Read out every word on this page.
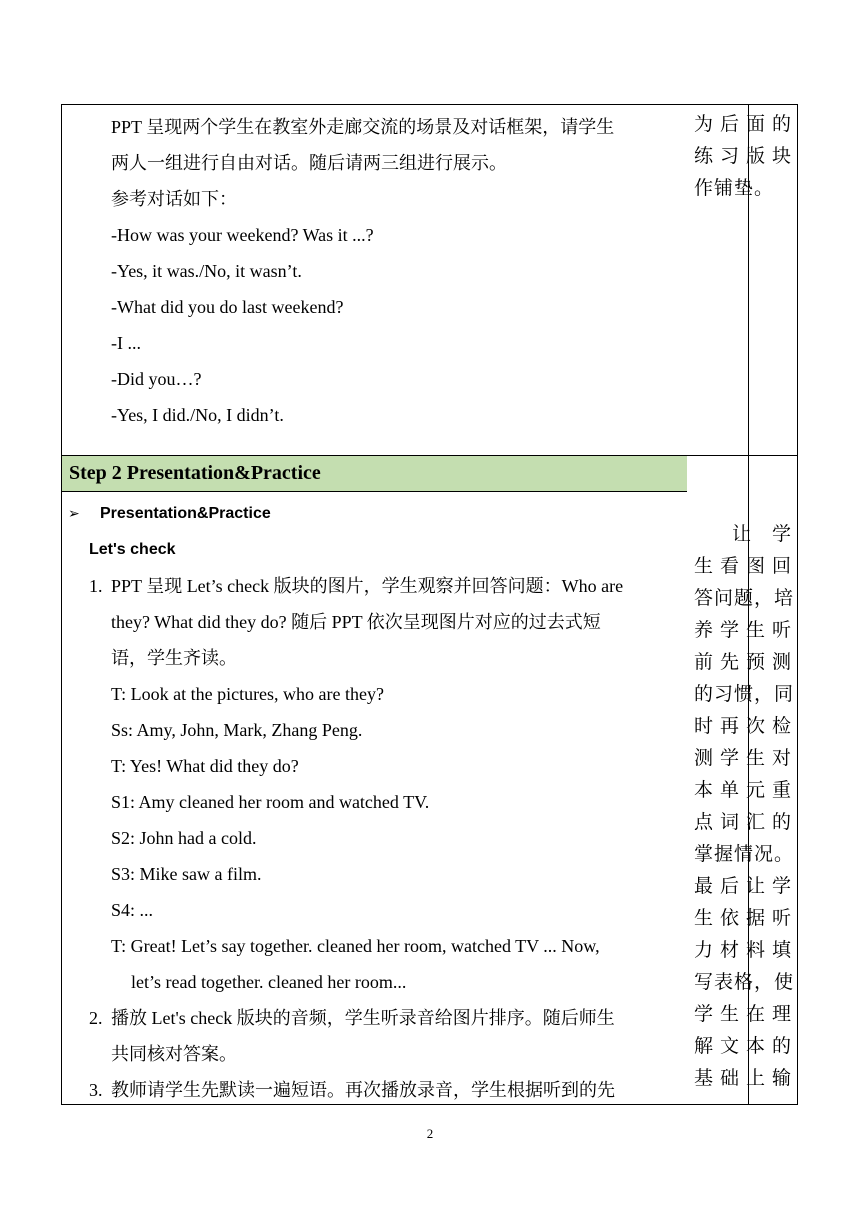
Step 2 Presentation&Practice
PPT 呈现两个学生在教室外走廊交流的场景及对话框架，请学生
两人一组进行自由对话。随后请两三组进行展示。
参考对话如下：
-How was your weekend? Was it ...?
-Yes, it was./No, it wasn’t.
-What did you do last weekend?
-I ...
-Did you…?
-Yes, I did./No, I didn’t.
为后面的
练习版块
作铺垫。
➢ Presentation&Practice
Let's check
1. PPT 呈现 Let’s check 版块的图片，学生观察并回答问题：Who are
they? What did they do? 随后 PPT 依次呈现图片对应的过去式短
语，学生齐读。
T: Look at the pictures, who are they?
Ss: Amy, John, Mark, Zhang Peng.
T: Yes! What did they do?
S1: Amy cleaned her room and watched TV.
S2: John had a cold.
S3: Mike saw a film.
S4: ...
T: Great! Let’s say together. cleaned her room, watched TV ... Now,
let’s read together. cleaned her room...
2. 播放 Let's check 版块的音频，学生听录音给图片排序。随后师生
共同核对答案。
3. 教师请学生先默读一遍短语。再次播放录音，学生根据听到的先
让学
生看图回
答问题，培
养学生听
前先预测
的习惯，同
时再次检
测学生对
本单元重
点词汇的
掌握情况。
最后让学
生依据听
力材料填
写表格，使
学生在理
解文本的
基础上输
2
